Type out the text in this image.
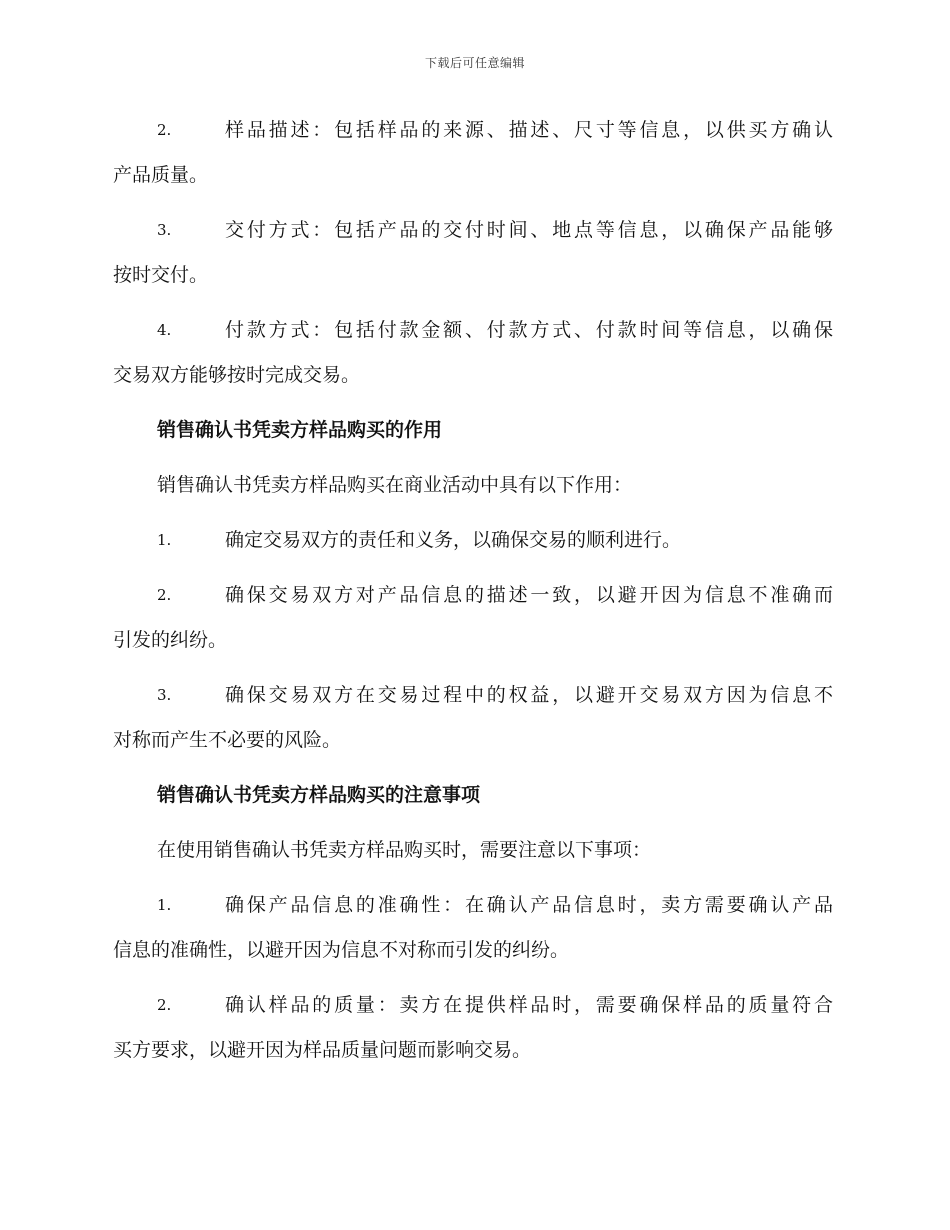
下载后可任意编辑
2.	样品描述：包括样品的来源、描述、尺寸等信息，以供买方确认
产品质量。
3.	交付方式：包括产品的交付时间、地点等信息，以确保产品能够
按时交付。
4.	付款方式：包括付款金额、付款方式、付款时间等信息，以确保
交易双方能够按时完成交易。
销售确认书凭卖方样品购买的作用
销售确认书凭卖方样品购买在商业活动中具有以下作用：
1.	确定交易双方的责任和义务，以确保交易的顺利进行。
2.	确保交易双方对产品信息的描述一致，以避开因为信息不准确而
引发的纠纷。
3.	确保交易双方在交易过程中的权益，以避开交易双方因为信息不
对称而产生不必要的风险。
销售确认书凭卖方样品购买的注意事项
在使用销售确认书凭卖方样品购买时，需要注意以下事项：
1.	确保产品信息的准确性：在确认产品信息时，卖方需要确认产品
信息的准确性，以避开因为信息不对称而引发的纠纷。
2.	确认样品的质量：卖方在提供样品时，需要确保样品的质量符合
买方要求，以避开因为样品质量问题而影响交易。
